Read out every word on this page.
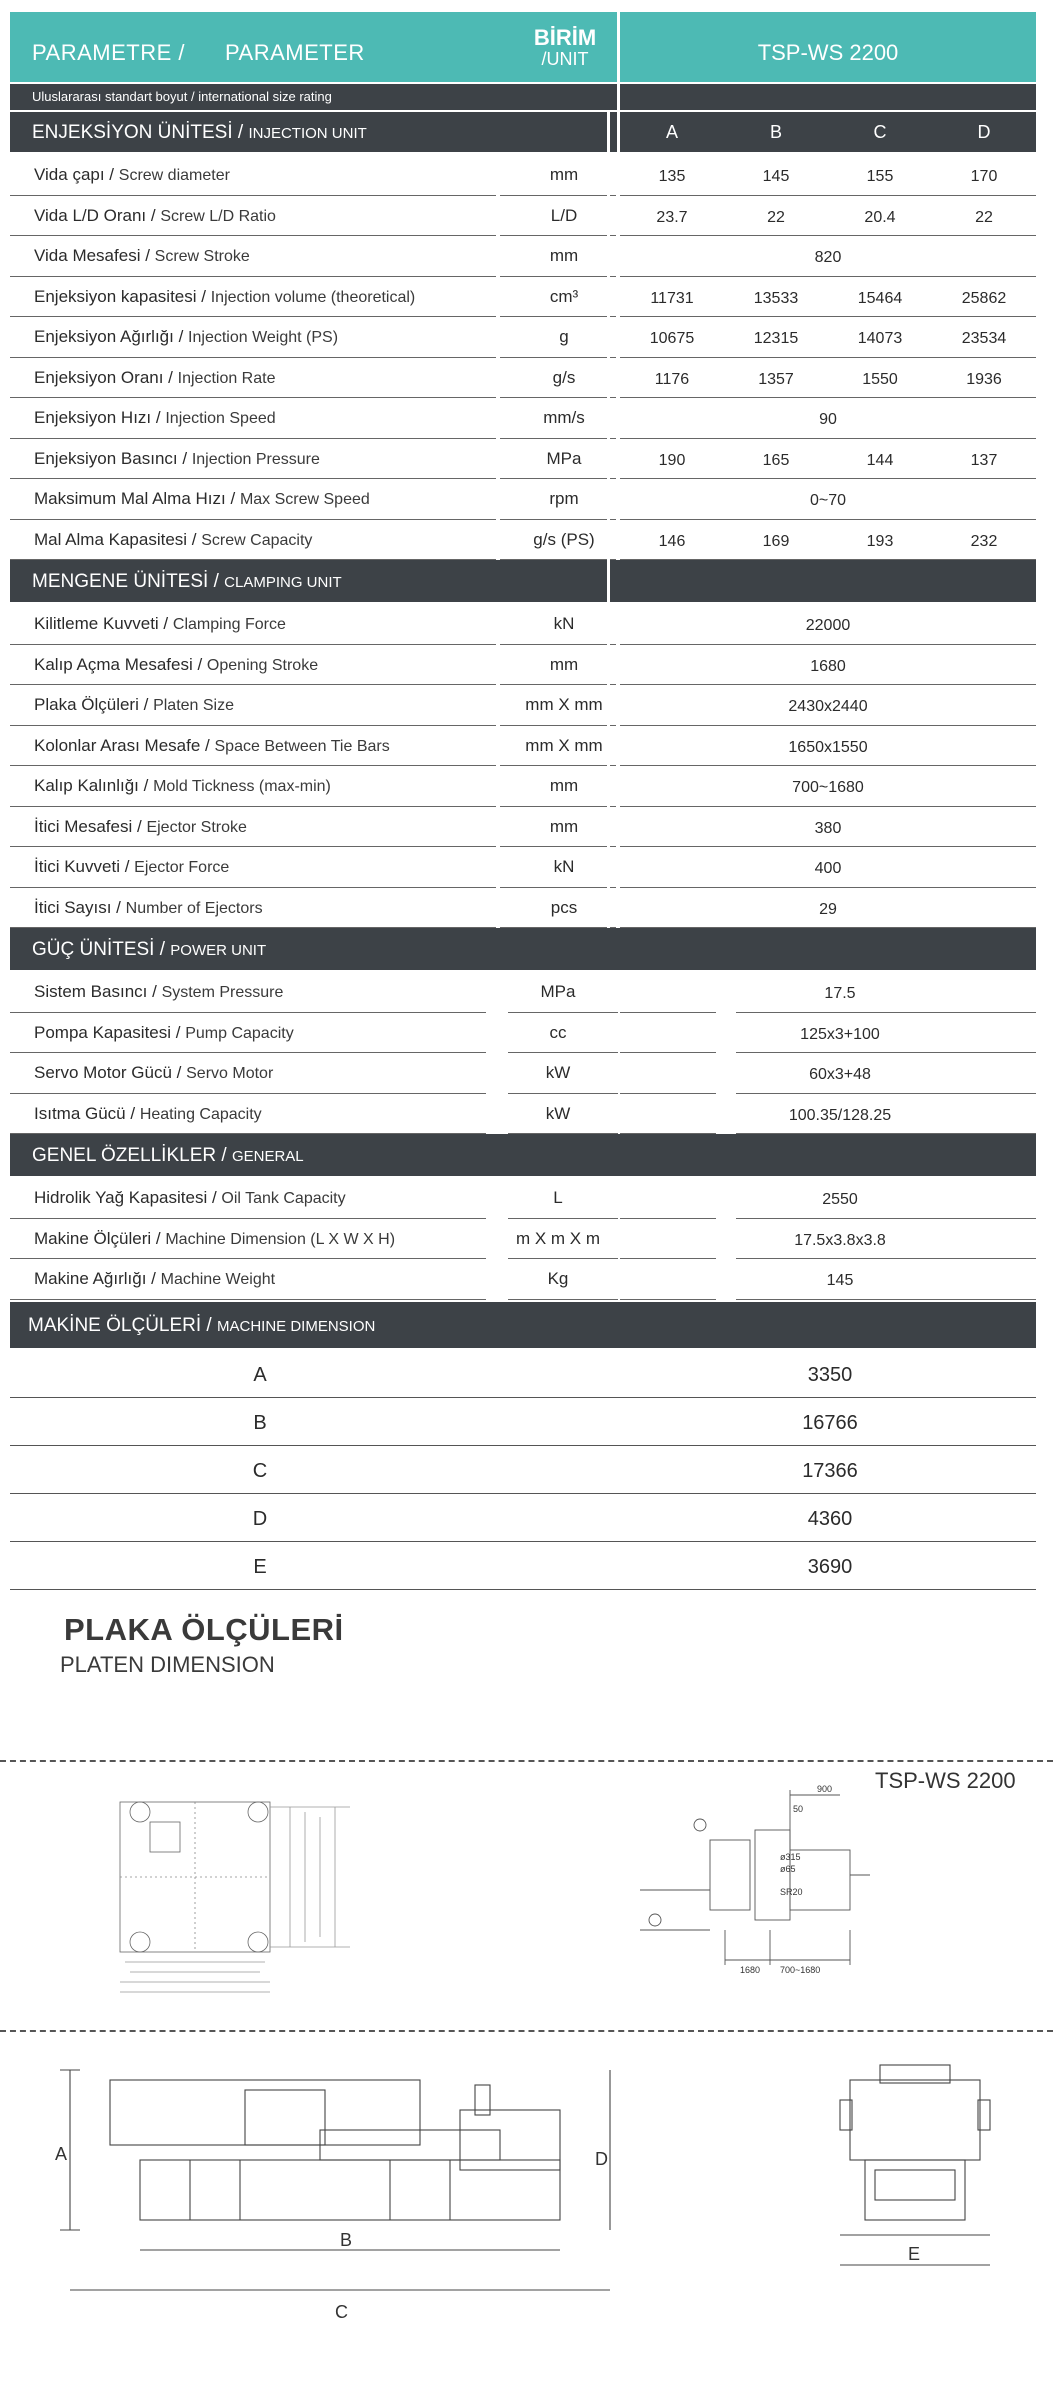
PARAMETRE / PARAMETER
BİRİM
/UNIT	TSP-WS 2200
Uluslararası standart boyut / international size rating
ENJEKSİYON ÜNİTESİ / INJECTION UNIT	A	B	C	D
Vida çapı / Screw diameter	mm	135	145	155	170
Vida L/D Oranı / Screw L/D Ratio	L/D	23.7	22	20.4	22
Vida Mesafesi / Screw Stroke	mm	820
Enjeksiyon kapasitesi / Injection volume (theoretical)	cm³	11731	13533	15464	25862
Enjeksiyon Ağırlığı / Injection Weight (PS)	g	10675	12315	14073	23534
Enjeksiyon Oranı / Injection Rate	g/s	1176	1357	1550	1936
Enjeksiyon Hızı / Injection Speed	mm/s	90
Enjeksiyon Basıncı / Injection Pressure	MPa	190	165	144	137
Maksimum Mal Alma Hızı / Max Screw Speed	rpm	0~70
Mal Alma Kapasitesi / Screw Capacity	g/s (PS)	146	169	193	232
MENGENE ÜNİTESİ / CLAMPING UNIT
Kilitleme Kuvveti / Clamping Force	kN	22000
Kalıp Açma Mesafesi / Opening Stroke	mm	1680
Plaka Ölçüleri / Platen Size	mm X mm	2430x2440
Kolonlar Arası Mesafe / Space Between Tie Bars	mm X mm	1650x1550
Kalıp Kalınlığı / Mold Tickness (max-min)	mm	700~1680
İtici Mesafesi / Ejector Stroke	mm	380
İtici Kuvveti / Ejector Force	kN	400
İtici Sayısı / Number of Ejectors	pcs	29
GÜÇ ÜNİTESİ / POWER UNIT
Sistem Basıncı / System Pressure	MPa	17.5
Pompa Kapasitesi / Pump Capacity	cc	125x3+100
Servo Motor Gücü / Servo Motor	kW	60x3+48
Isıtma Gücü / Heating Capacity	kW	100.35/128.25
GENEL ÖZELLİKLER / GENERAL
Hidrolik Yağ Kapasitesi / Oil Tank Capacity	L	2550
Makine Ölçüleri / Machine Dimension (L X W X H)	m X m X m	17.5x3.8x3.8
Makine Ağırlığı / Machine Weight	Kg	145
MAKİNE ÖLÇÜLERİ / MACHINE DIMENSION
A	3350
B	16766
C	17366
D	4360
E	3690
PLAKA ÖLÇÜLERİ
PLATEN DIMENSION
TSP-WS 2200
900
50
SR20
1680 700~1680
ø315
ø65
A
B
C
D
E
